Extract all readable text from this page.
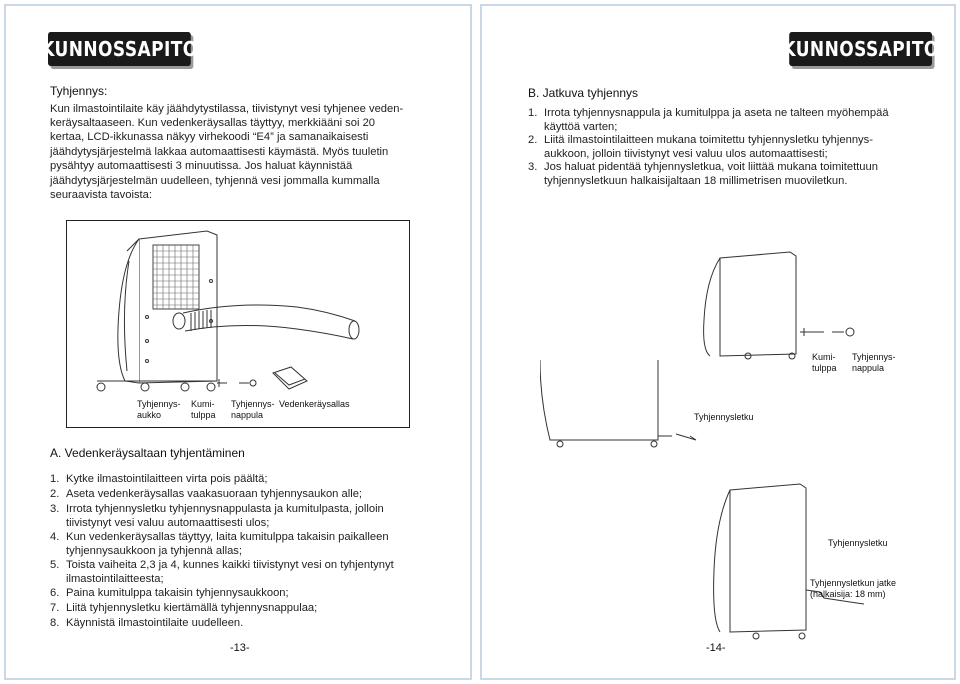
KUNNOSSAPITO
Tyhjennys:
Kun ilmastointilaite käy jäähdytystilassa, tiivistynyt vesi tyhjenee veden-
keräysaltaaseen. Kun vedenkeräysallas täyttyy, merkkiääni soi 20
kertaa, LCD-ikkunassa näkyy virhekoodi “E4” ja samanaikaisesti
jäähdytysjärjestelmä lakkaa automaattisesti käymästä. Myös tuuletin
pysähtyy automaattisesti 3 minuutissa. Jos haluat käynnistää
jäähdytysjärjestelmän uudelleen, tyhjennä vesi jommalla kummalla
seuraavista tavoista:
Tyhjennys-
aukko
Kumi-
tulppa
Tyhjennys-
nappula
Vedenkeräysallas
A. Vedenkeräysaltaan tyhjentäminen
1. Kytke ilmastointilaitteen virta pois päältä;
2. Aseta vedenkeräysallas vaakasuoraan tyhjennysaukon alle;
3. Irrota tyhjennysletku tyhjennysnappulasta ja kumitulpasta, jolloin
tiivistynyt vesi valuu automaattisesti ulos;
4. Kun vedenkeräysallas täyttyy, laita kumitulppa takaisin paikalleen
tyhjennysaukkoon ja tyhjennä allas;
5. Toista vaiheita 2,3 ja 4, kunnes kaikki tiivistynyt vesi on tyhjentynyt
ilmastointilaitteesta;
6. Paina kumitulppa takaisin tyhjennysaukkoon;
7. Liitä tyhjennysletku kiertämällä tyhjennysnappulaa;
8. Käynnistä ilmastointilaite uudelleen.
-13-
KUNNOSSAPITO
B. Jatkuva tyhjennys
1. Irrota tyhjennysnappula ja kumitulppa ja aseta ne talteen myöhempää
käyttöä varten;
2. Liitä ilmastointilaitteen mukana toimitettu tyhjennysletku tyhjennys-
aukkoon, jolloin tiivistynyt vesi valuu ulos automaattisesti;
3. Jos haluat pidentää tyhjennysletkua, voit liittää mukana toimitettuun
tyhjennysletkuun halkaisijaltaan 18 millimetrisen muoviletkun.
Kumi-
tulppa
Tyhjennys-
nappula
Tyhjennysletku
Tyhjennysletku
Tyhjennysletkun jatke
(halkaisija: 18 mm)
-14-
